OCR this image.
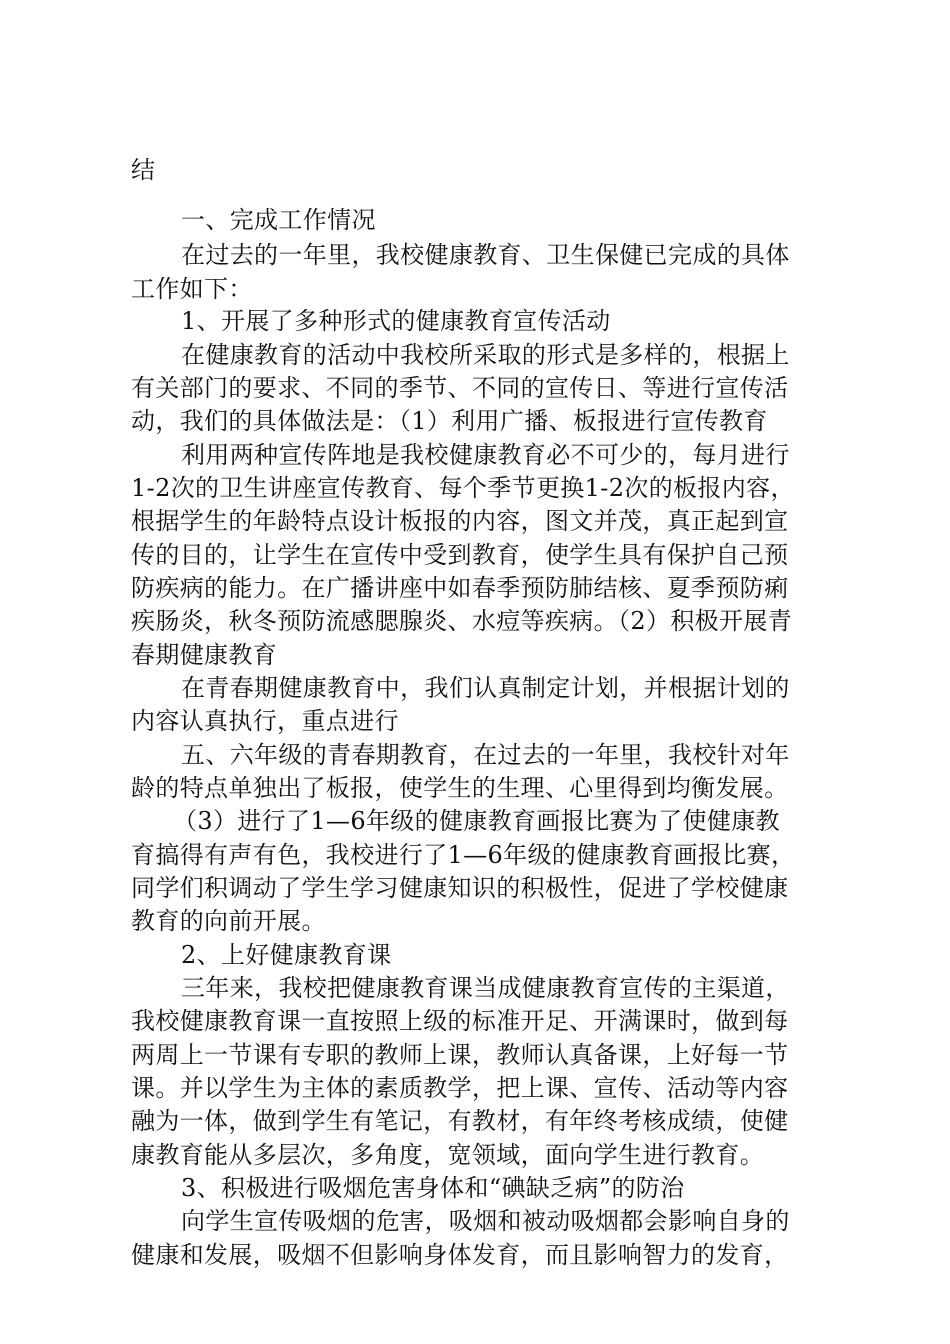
结
一、完成工作情况
在过去的一年里，我校健康教育、卫生保健已完成的具体
工作如下：
1、开展了多种形式的健康教育宣传活动
在健康教育的活动中我校所采取的形式是多样的，根据上
有关部门的要求、不同的季节、不同的宣传日、等进行宣传活
动，我们的具体做法是：（1）利用广播、板报进行宣传教育
利用两种宣传阵地是我校健康教育必不可少的，每月进行
1-2次的卫生讲座宣传教育、每个季节更换1-2次的板报内容，
根据学生的年龄特点设计板报的内容，图文并茂，真正起到宣
传的目的，让学生在宣传中受到教育，使学生具有保护自己预
防疾病的能力。在广播讲座中如春季预防肺结核、夏季预防痢
疾肠炎，秋冬预防流感腮腺炎、水痘等疾病。（2）积极开展青
春期健康教育
在青春期健康教育中，我们认真制定计划，并根据计划的
内容认真执行，重点进行
五、六年级的青春期教育，在过去的一年里，我校针对年
龄的特点单独出了板报，使学生的生理、心里得到均衡发展。
（3）进行了1—6年级的健康教育画报比赛为了使健康教
育搞得有声有色，我校进行了1—6年级的健康教育画报比赛，
同学们积调动了学生学习健康知识的积极性，促进了学校健康
教育的向前开展。
2、上好健康教育课
三年来，我校把健康教育课当成健康教育宣传的主渠道，
我校健康教育课一直按照上级的标准开足、开满课时，做到每
两周上一节课有专职的教师上课，教师认真备课，上好每一节
课。并以学生为主体的素质教学，把上课、宣传、活动等内容
融为一体，做到学生有笔记，有教材，有年终考核成绩，使健
康教育能从多层次，多角度，宽领域，面向学生进行教育。
3、积极进行吸烟危害身体和“碘缺乏病”的防治
向学生宣传吸烟的危害，吸烟和被动吸烟都会影响自身的
健康和发展，吸烟不但影响身体发育，而且影响智力的发育，
